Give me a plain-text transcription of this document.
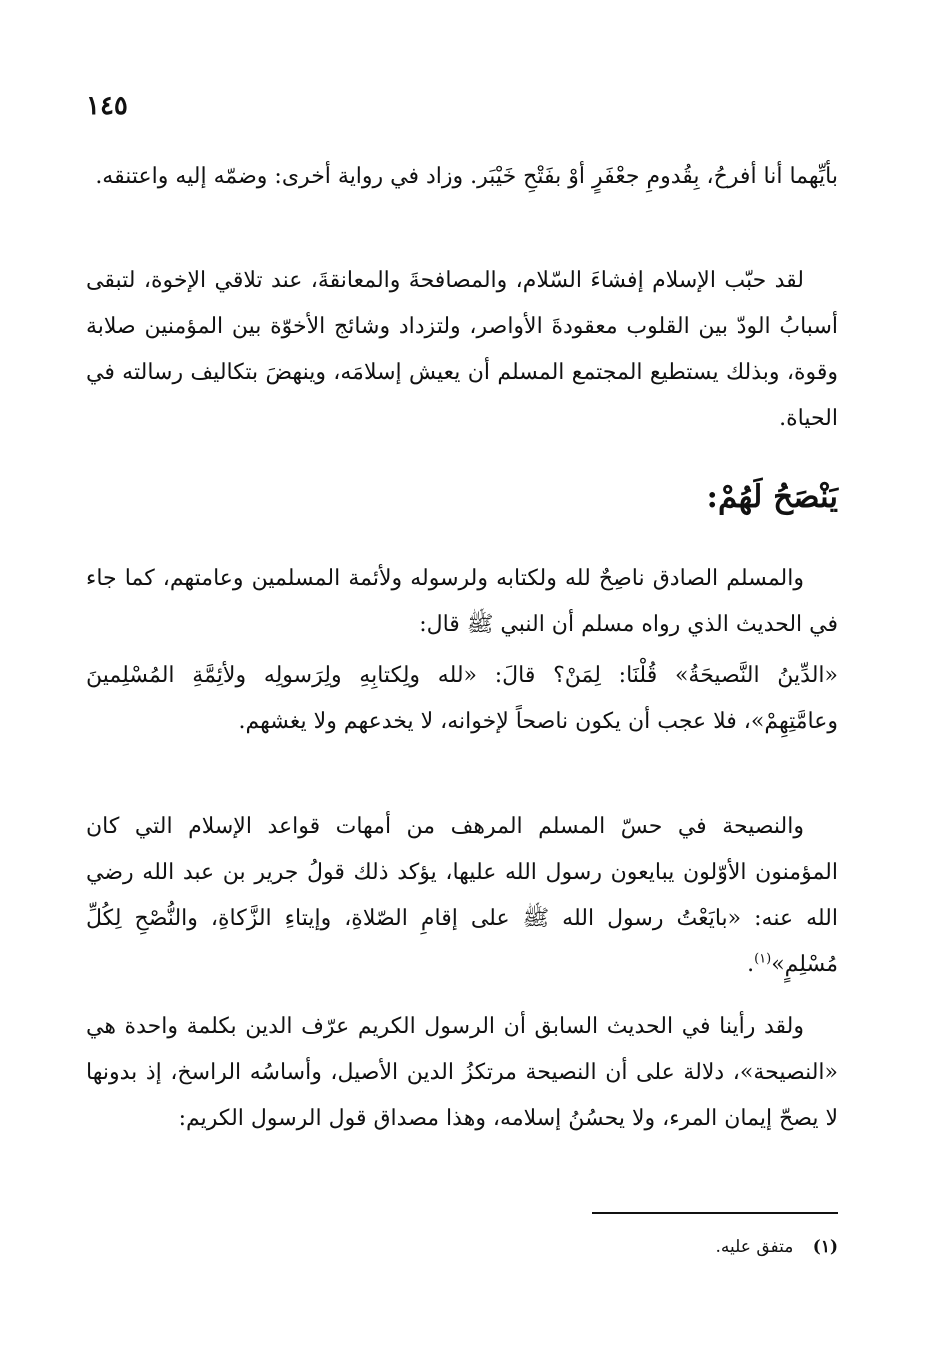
١٤٥

بأيِّهما أنا أفرحُ، بِقُدومِ جعْفَرٍ أوْ بفَتْحِ خَيْبَر. وزاد في رواية أخرى: وضمّه إليه واعتنقه.

لقد حبّب الإسلام إفشاءَ السّلام، والمصافحةَ والمعانقةَ، عند تلاقي الإخوة، لتبقى أسبابُ الودّ بين القلوب معقودةَ الأواصر، ولتزداد وشائج الأخوّة بين المؤمنين صلابة وقوة، وبذلك يستطيع المجتمع المسلم أن يعيش إسلامَه، وينهضَ بتكاليف رسالته في الحياة.

يَنْصَحُ لَهُمْ:

والمسلم الصادق ناصِحٌ لله ولكتابه ولرسوله ولأئمة المسلمين وعامتهم، كما جاء في الحديث الذي رواه مسلم أن النبي ﷺ قال:

«الدِّينُ النَّصيحَةُ» قُلْنَا: لِمَنْ؟ قالَ: «لله ولِكتابِهِ ولِرَسولِه ولأئِمَّةِ المُسْلِمينَ وعامَّتِهِمْ»، فلا عجب أن يكون ناصحاً لإخوانه، لا يخدعهم ولا يغشهم.

والنصيحة في حسّ المسلم المرهف من أمهات قواعد الإسلام التي كان المؤمنون الأوّلون يبايعون رسول الله عليها، يؤكد ذلك قولُ جرير بن عبد الله رضي الله عنه: «بايَعْتُ رسول الله ﷺ على إقامِ الصّلاةِ، وإيتاءِ الزَّكاةِ، والنُّصْحِ لِكُلِّ مُسْلِمٍ»$^{(١)}$.

ولقد رأينا في الحديث السابق أن الرسول الكريم عرّف الدين بكلمة واحدة هي «النصيحة»، دلالة على أن النصيحة مرتكزُ الدين الأصيل، وأساسُه الراسخ، إذ بدونها لا يصحّ إيمان المرء، ولا يحسُنُ إسلامه، وهذا مصداق قول الرسول الكريم:

(١) متفق عليه.
